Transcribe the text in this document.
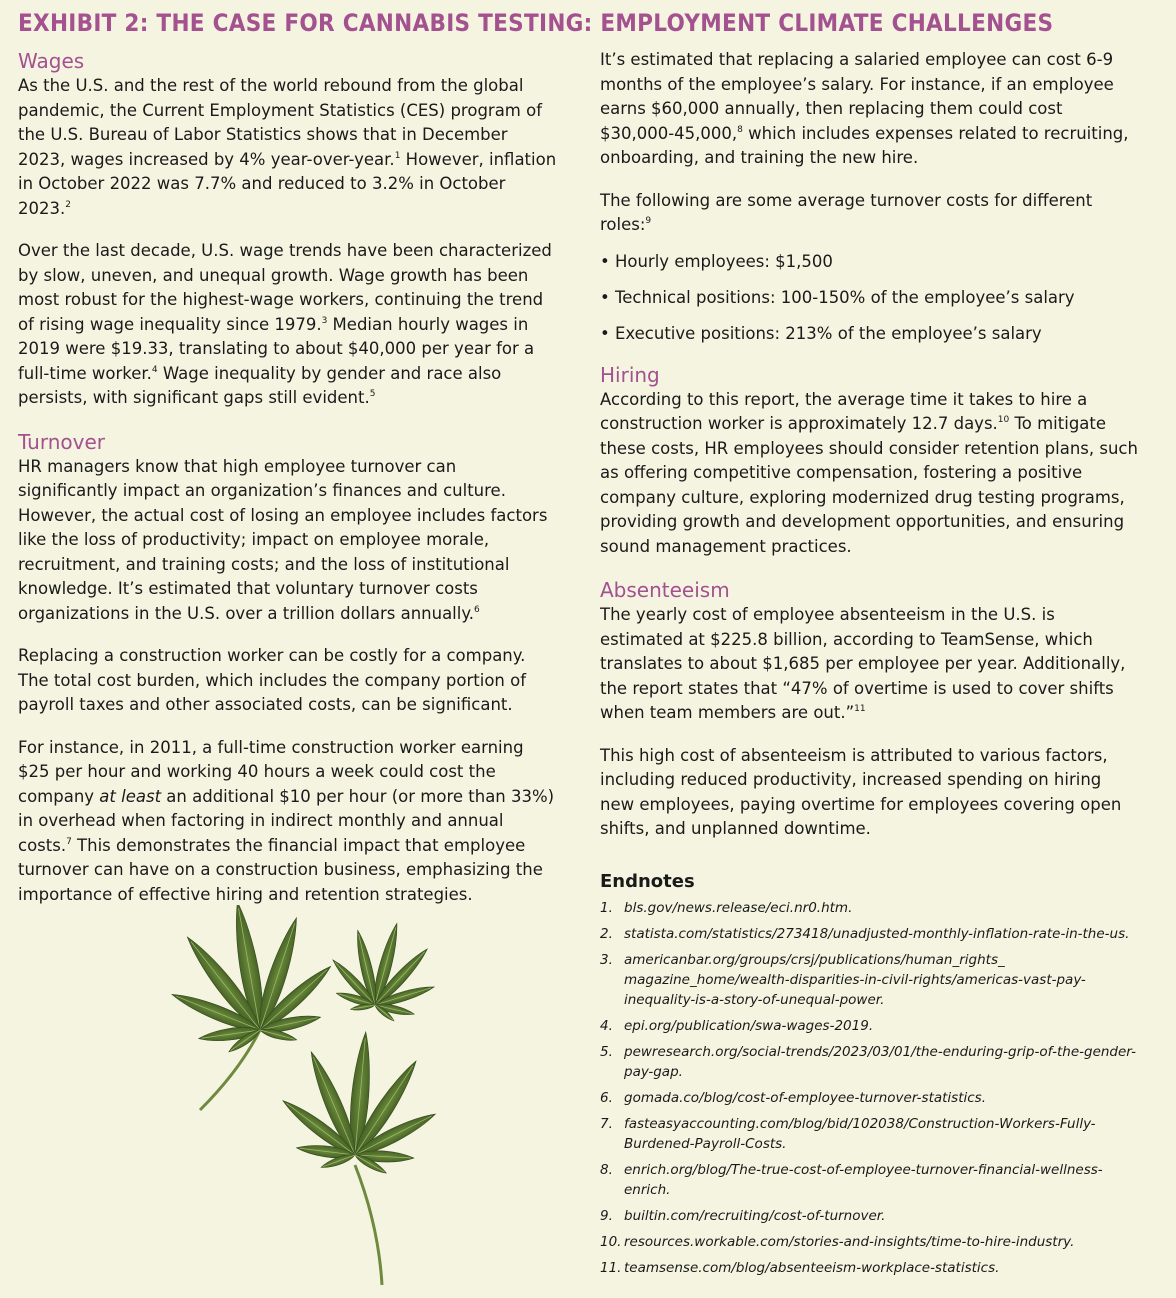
EXHIBIT 2: THE CASE FOR CANNABIS TESTING: EMPLOYMENT CLIMATE CHALLENGES
Wages

As the U.S. and the rest of the world rebound from the global pandemic, the Current Employment Statistics (CES) program of the U.S. Bureau of Labor Statistics shows that in December 2023, wages increased by 4% year-over-year.$^1$ However, inflation in October 2022 was 7.7% and reduced to 3.2% in October 2023.$^2$

Over the last decade, U.S. wage trends have been characterized by slow, uneven, and unequal growth. Wage growth has been most robust for the highest-wage workers, continuing the trend of rising wage inequality since 1979.$^3$ Median hourly wages in 2019 were $19.33, translating to about $40,000 per year for a full-time worker.$^4$ Wage inequality by gender and race also persists, with significant gaps still evident.$^5$

Turnover

HR managers know that high employee turnover can significantly impact an organization’s finances and culture. However, the actual cost of losing an employee includes factors like the loss of productivity; impact on employee morale, recruitment, and training costs; and the loss of institutional knowledge. It’s estimated that voluntary turnover costs organizations in the U.S. over a trillion dollars annually.$^6$

Replacing a construction worker can be costly for a company. The total cost burden, which includes the company portion of payroll taxes and other associated costs, can be significant.

For instance, in 2011, a full-time construction worker earning $25 per hour and working 40 hours a week could cost the company at least an additional $10 per hour (or more than 33%) in overhead when factoring in indirect monthly and annual costs.$^7$ This demonstrates the financial impact that employee turnover can have on a construction business, emphasizing the importance of effective hiring and retention strategies.

It’s estimated that replacing a salaried employee can cost 6-9 months of the employee’s salary. For instance, if an employee earns $60,000 annually, then replacing them could cost $30,000-45,000,$^8$ which includes expenses related to recruiting, onboarding, and training the new hire.

The following are some average turnover costs for different roles:$^9$

• Hourly employees: $1,500
• Technical positions: 100-150% of the employee’s salary
• Executive positions: 213% of the employee’s salary
Hiring

According to this report, the average time it takes to hire a construction worker is approximately 12.7 days.$^{10}$ To mitigate these costs, HR employees should consider retention plans, such as offering competitive compensation, fostering a positive company culture, exploring modernized drug testing programs, providing growth and development opportunities, and ensuring sound management practices.

Absenteeism

The yearly cost of employee absenteeism in the U.S. is estimated at $225.8 billion, according to TeamSense, which translates to about $1,685 per employee per year. Additionally, the report states that “47% of overtime is used to cover shifts when team members are out.”$^{11}$

This high cost of absenteeism is attributed to various factors, including reduced productivity, increased spending on hiring new employees, paying overtime for employees covering open shifts, and unplanned downtime.

Endnotes
1. bls.gov/news.release/eci.nr0.htm.
2. statista.com/statistics/273418/unadjusted-monthly-inflation-rate-in-the-us.
3. americanbar.org/groups/crsj/publications/human_rights_ magazine_home/wealth-disparities-in-civil-rights/americas-vast-pay-inequality-is-a-story-of-unequal-power.
4. epi.org/publication/swa-wages-2019.
5. pewresearch.org/social-trends/2023/03/01/the-enduring-grip-of-the-gender-pay-gap.
6. gomada.co/blog/cost-of-employee-turnover-statistics.
7. fasteasyaccounting.com/blog/bid/102038/Construction-Workers-Fully-Burdened-Payroll-Costs.
8. enrich.org/blog/The-true-cost-of-employee-turnover-financial-wellness-enrich.
9. builtin.com/recruiting/cost-of-turnover.
10. resources.workable.com/stories-and-insights/time-to-hire-industry.
11. teamsense.com/blog/absenteeism-workplace-statistics.
